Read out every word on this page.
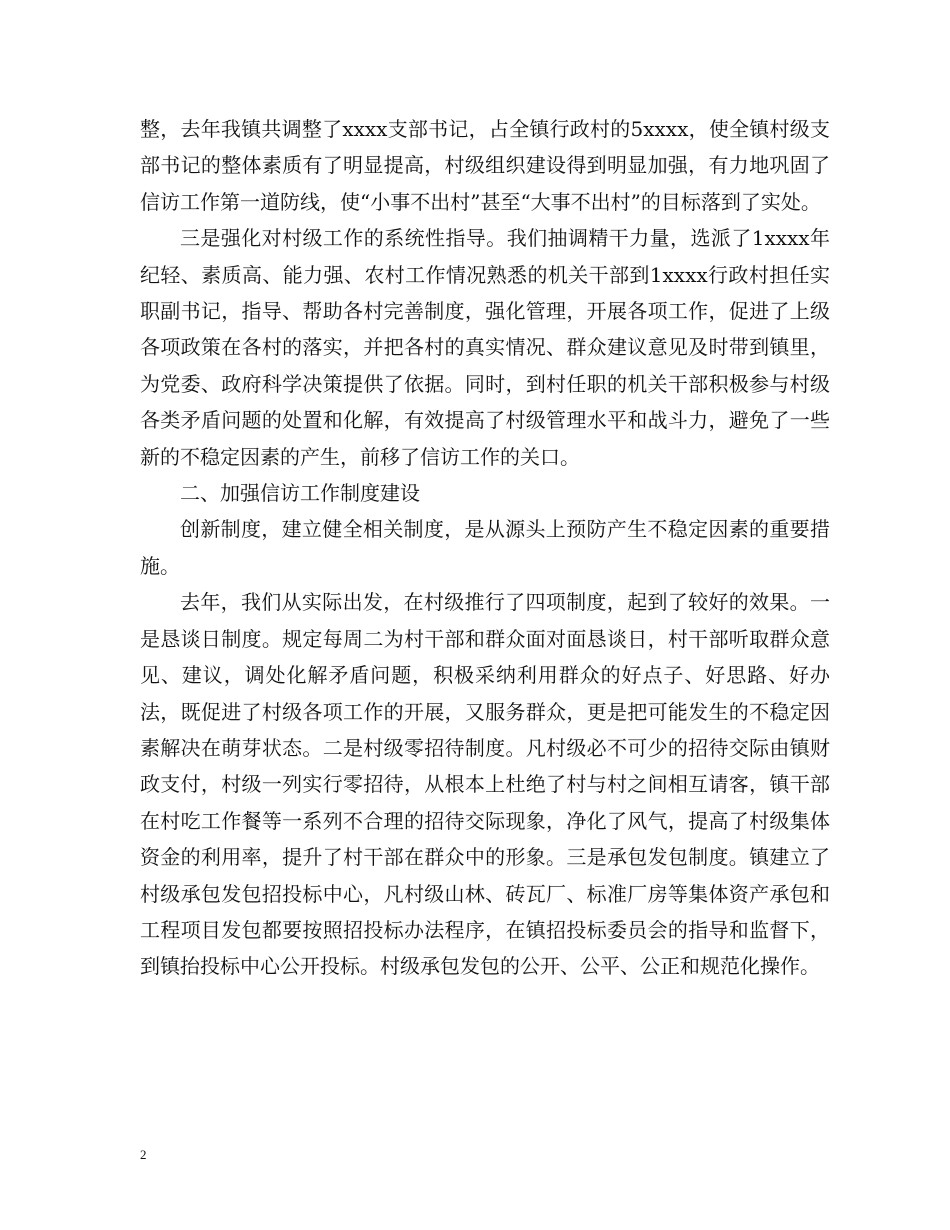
整，去年我镇共调整了xxxx支部书记，占全镇行政村的5xxxx，使全镇村级支部书记的整体素质有了明显提高，村级组织建设得到明显加强，有力地巩固了信访工作第一道防线，使“小事不出村”甚至“大事不出村”的目标落到了实处。

三是强化对村级工作的系统性指导。我们抽调精干力量，选派了1xxxx年纪轻、素质高、能力强、农村工作情况熟悉的机关干部到1xxxx行政村担任实职副书记，指导、帮助各村完善制度，强化管理，开展各项工作，促进了上级各项政策在各村的落实，并把各村的真实情况、群众建议意见及时带到镇里，为党委、政府科学决策提供了依据。同时，到村任职的机关干部积极参与村级各类矛盾问题的处置和化解，有效提高了村级管理水平和战斗力，避免了一些新的不稳定因素的产生，前移了信访工作的关口。

二、加强信访工作制度建设

创新制度，建立健全相关制度，是从源头上预防产生不稳定因素的重要措施。

去年，我们从实际出发，在村级推行了四项制度，起到了较好的效果。一是恳谈日制度。规定每周二为村干部和群众面对面恳谈日，村干部听取群众意见、建议，调处化解矛盾问题，积极采纳利用群众的好点子、好思路、好办法，既促进了村级各项工作的开展，又服务群众，更是把可能发生的不稳定因素解决在萌芽状态。二是村级零招待制度。凡村级必不可少的招待交际由镇财政支付，村级一列实行零招待，从根本上杜绝了村与村之间相互请客，镇干部在村吃工作餐等一系列不合理的招待交际现象，净化了风气，提高了村级集体资金的利用率，提升了村干部在群众中的形象。三是承包发包制度。镇建立了村级承包发包招投标中心，凡村级山林、砖瓦厂、标准厂房等集体资产承包和工程项目发包都要按照招投标办法程序，在镇招投标委员会的指导和监督下，到镇抬投标中心公开投标。村级承包发包的公开、公平、公正和规范化操作。

2
